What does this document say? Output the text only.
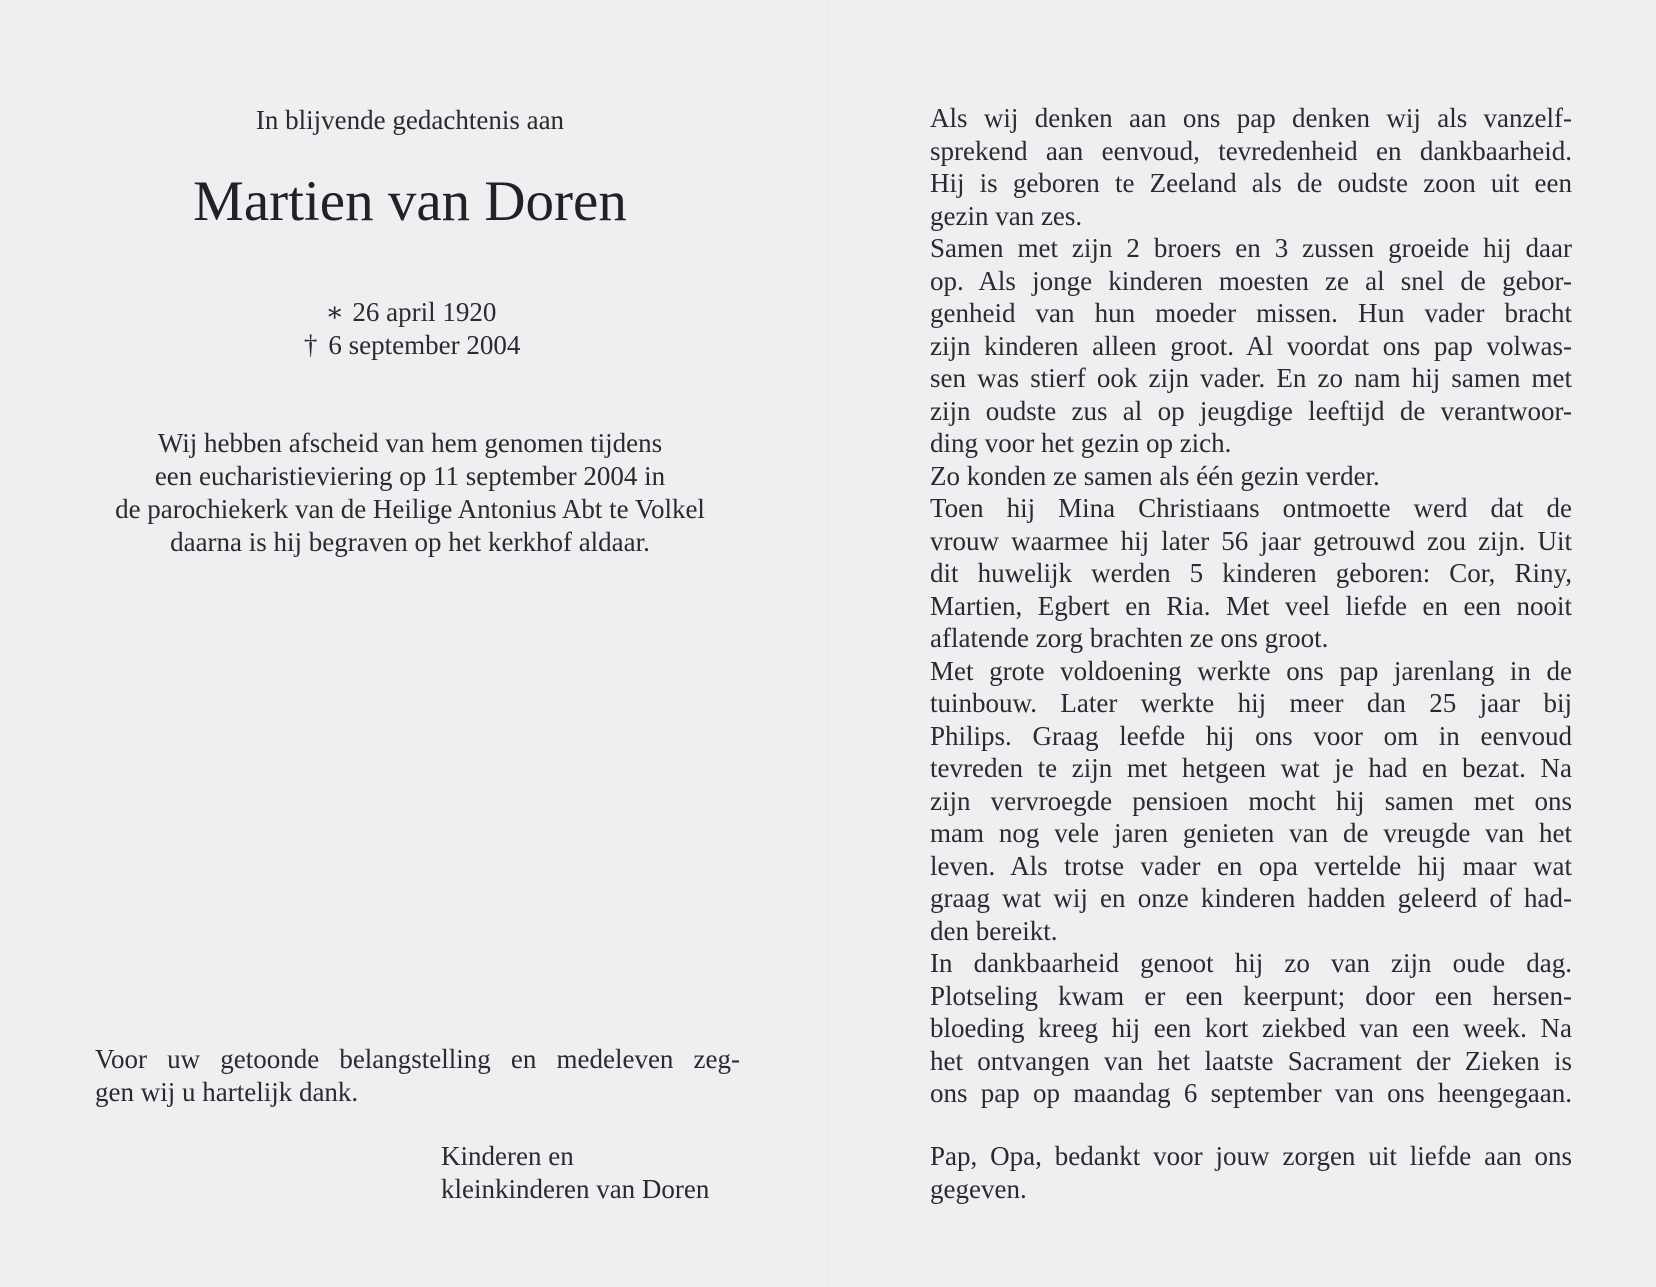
In blijvende gedachtenis aan
Martien van Doren
∗ 26 april 1920
† 6 september 2004
Wij hebben afscheid van hem genomen tijdens
een eucharistieviering op 11 september 2004 in
de parochiekerk van de Heilige Antonius Abt te Volkel
daarna is hij begraven op het kerkhof aldaar.
Voor uw getoonde belangstelling en medeleven zeg-
gen wij u hartelijk dank.
Kinderen en
kleinkinderen van Doren
Als wij denken aan ons pap denken wij als vanzelf-
sprekend aan eenvoud, tevredenheid en dankbaarheid.
Hij is geboren te Zeeland als de oudste zoon uit een
gezin van zes.
Samen met zijn 2 broers en 3 zussen groeide hij daar
op. Als jonge kinderen moesten ze al snel de gebor-
genheid van hun moeder missen. Hun vader bracht
zijn kinderen alleen groot. Al voordat ons pap volwas-
sen was stierf ook zijn vader. En zo nam hij samen met
zijn oudste zus al op jeugdige leeftijd de verantwoor-
ding voor het gezin op zich.
Zo konden ze samen als één gezin verder.
Toen hij Mina Christiaans ontmoette werd dat de
vrouw waarmee hij later 56 jaar getrouwd zou zijn. Uit
dit huwelijk werden 5 kinderen geboren: Cor, Riny,
Martien, Egbert en Ria. Met veel liefde en een nooit
aflatende zorg brachten ze ons groot.
Met grote voldoening werkte ons pap jarenlang in de
tuinbouw. Later werkte hij meer dan 25 jaar bij
Philips. Graag leefde hij ons voor om in eenvoud
tevreden te zijn met hetgeen wat je had en bezat. Na
zijn vervroegde pensioen mocht hij samen met ons
mam nog vele jaren genieten van de vreugde van het
leven. Als trotse vader en opa vertelde hij maar wat
graag wat wij en onze kinderen hadden geleerd of had-
den bereikt.
In dankbaarheid genoot hij zo van zijn oude dag.
Plotseling kwam er een keerpunt; door een hersen-
bloeding kreeg hij een kort ziekbed van een week. Na
het ontvangen van het laatste Sacrament der Zieken is
ons pap op maandag 6 september van ons heengegaan.
Pap, Opa, bedankt voor jouw zorgen uit liefde aan ons
gegeven.
